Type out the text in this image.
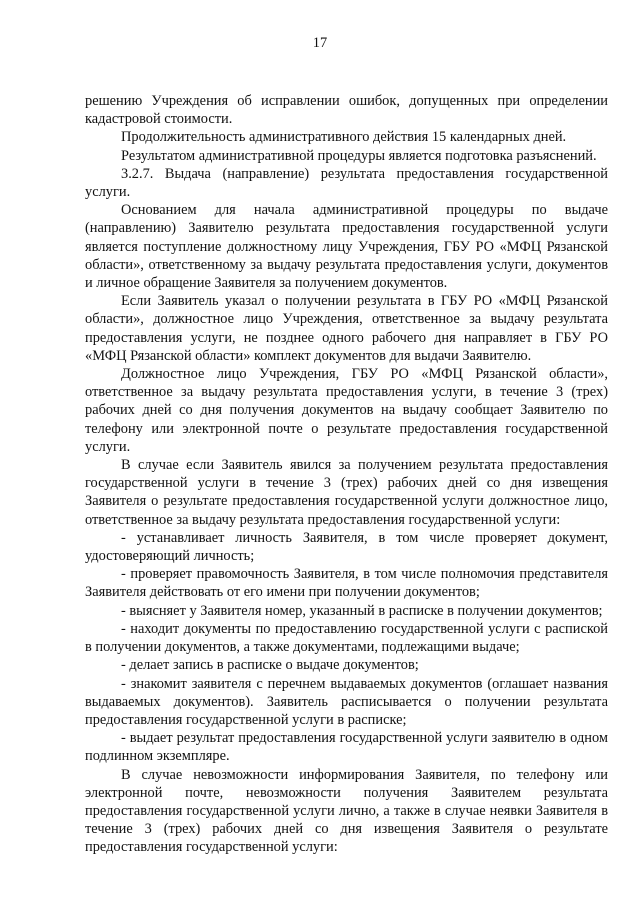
17

решению Учреждения об исправлении ошибок, допущенных при определении кадастровой стоимости.

Продолжительность административного действия 15 календарных дней.

Результатом административной процедуры является подготовка разъяснений.

3.2.7. Выдача (направление) результата предоставления государственной услуги.

Основанием для начала административной процедуры по выдаче (направлению) Заявителю результата предоставления государственной услуги является поступление должностному лицу Учреждения, ГБУ РО «МФЦ Рязанской области», ответственному за выдачу результата предоставления услуги, документов и личное обращение Заявителя за получением документов.

Если Заявитель указал о получении результата в ГБУ РО «МФЦ Рязанской области», должностное лицо Учреждения, ответственное за выдачу результата предоставления услуги, не позднее одного рабочего дня направляет в ГБУ РО «МФЦ Рязанской области» комплект документов для выдачи Заявителю.

Должностное лицо Учреждения, ГБУ РО «МФЦ Рязанской области», ответственное за выдачу результата предоставления услуги, в течение 3 (трех) рабочих дней со дня получения документов на выдачу сообщает Заявителю по телефону или электронной почте о результате предоставления государственной услуги.

В случае если Заявитель явился за получением результата предоставления государственной услуги в течение 3 (трех) рабочих дней со дня извещения Заявителя о результате предоставления государственной услуги должностное лицо, ответственное за выдачу результата предоставления государственной услуги:

- устанавливает личность Заявителя, в том числе проверяет документ, удостоверяющий личность;

- проверяет правомочность Заявителя, в том числе полномочия представителя Заявителя действовать от его имени при получении документов;

- выясняет у Заявителя номер, указанный в расписке в получении документов;

- находит документы по предоставлению государственной услуги с распиской в получении документов, а также документами, подлежащими выдаче;

- делает запись в расписке о выдаче документов;

- знакомит заявителя с перечнем выдаваемых документов (оглашает названия выдаваемых документов). Заявитель расписывается о получении результата предоставления государственной услуги в расписке;

- выдает результат предоставления государственной услуги заявителю в одном подлинном экземпляре.

В случае невозможности информирования Заявителя, по телефону или электронной почте, невозможности получения Заявителем результата предоставления государственной услуги лично, а также в случае неявки Заявителя в течение 3 (трех) рабочих дней со дня извещения Заявителя о результате предоставления государственной услуги:
